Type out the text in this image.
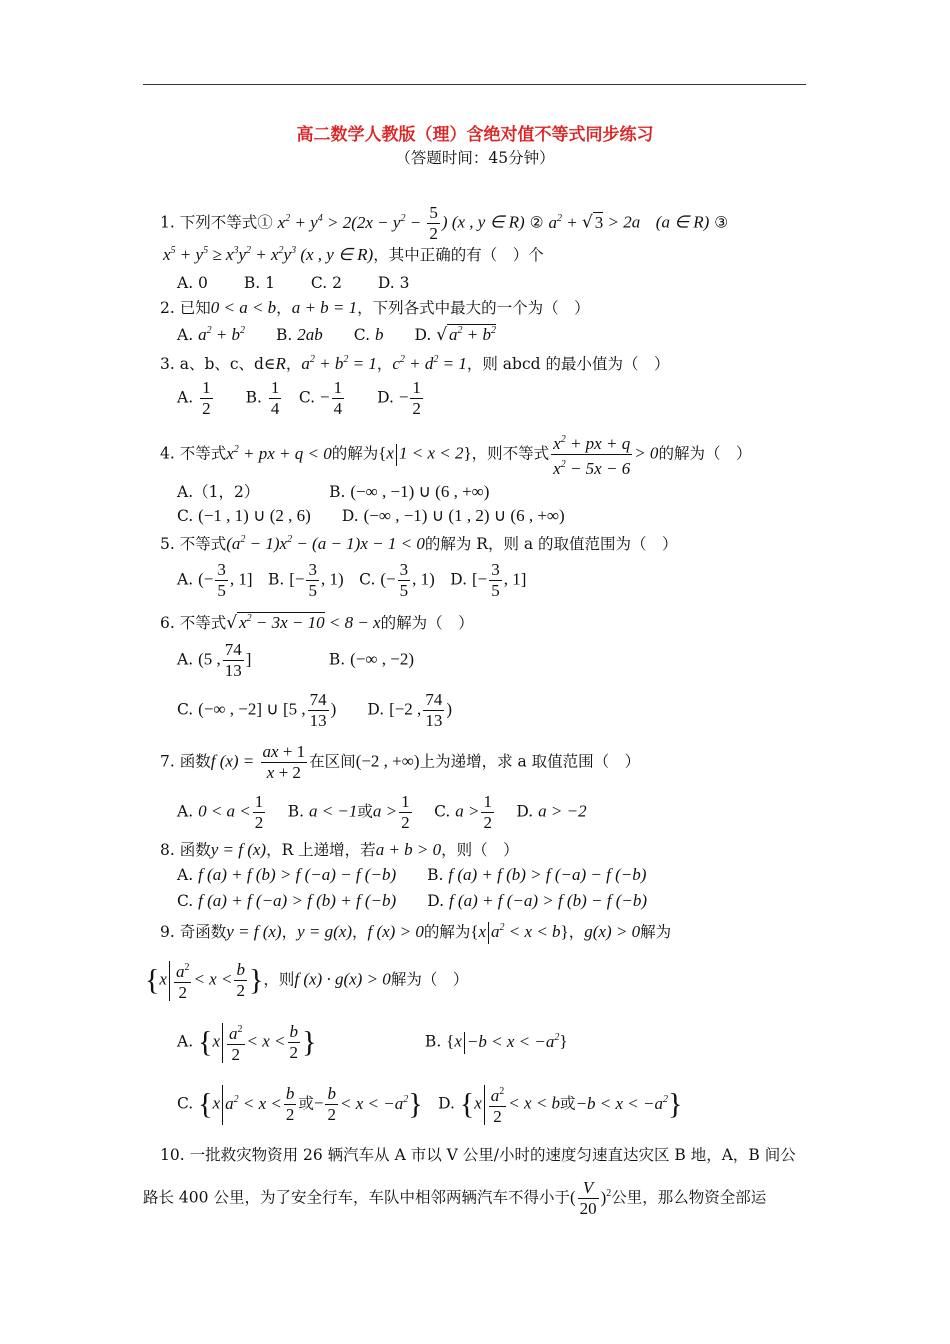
高二数学人教版（理）含绝对值不等式同步练习
（答题时间：45分钟）
1. 下列不等式① $x^2 + y^4 > 2(2x - y^2 - \frac{5}{2}$ ) (x , y ∈ R) ② $a^2$ + √ 3 > 2a　 (a ∈ R) ③
$x^5 + y^5 \ge x^3y^2 + x^2y^3$ (x , y ∈ R)，其中正确的有（　）个
A. 0　　 B. 1　　 C. 2　　 D. 3
2. 已知0 < a < b，a + b = 1，下列各式中最大的一个为（　）
A. $a^2 + b^2$　　B. 2ab　　C. b　　D. √ $a^2 + b^2$
3. a、b、c、d∈R，$a^2 + b^2 = 1$，$c^2 + d^2 = 1$，则 abcd 的最小值为（　）
A. $\frac{1}{2}$ 　　B. $\frac{1}{4}$ 　C. − $\frac{1}{4}$ 　　D. − $\frac{1}{2}$
4. 不等式$x^2$ + px + q < 0的解为{x 1 < x < 2}，则不等式 $\frac{x^2 + px + q}{x^2 - 5x - 6} > 0$的解为（　）
A.（1，2）　　　　　B. (−∞ , −1) ∪ (6 , +∞)
C. (−1 , 1) ∪ (2 , 6)　　D. (−∞ , −1) ∪ (1 , 2) ∪ (6 , +∞)
5. 不等式$(a^2 - 1)x^2 - (a - 1)x - 1 < 0$的解为 R，则 a 的取值范围为（　）
A. (− $\frac{3}{5}$ , 1]　B. [− $\frac{3}{5}$ , 1)　C. (− $\frac{3}{5}$ , 1)　D. [− $\frac{3}{5}$ , 1]
6. 不等式√ $x^2 - 3x - 10 < 8 - x$的解为（　）
A. (5 , $\frac{74}{13}$ ]　　　　　B. (−∞ , −2)
C. (−∞ , −2] ∪ [5 , $\frac{74}{13}$ )　　D. [−2 , $\frac{74}{13}$ )
7. 函数f $(x) = \frac{ax + 1}{x + 2}$ 在区间(−2 , +∞)上为递增，求 a 取值范围（　）
A. $0 < a < \frac{1}{2}$ 　 B. a < −1或$a > \frac{1}{2}$ 　 C. $a > \frac{1}{2}$ 　 D. a > −2
8. 函数y = f (x)，R 上递增，若a + b > 0，则（　）
A. f (a) + f (b) > f (−a) − f (−b)　　B. f (a) + f (b) > f (−a) − f (−b)
C. f (a) + f (−a) > f (b) + f (−b)　　D. f (a) + f (−a) > f (b) − f (−b)
9. 奇函数y = f (x)，y = g(x)，f (x) > 0的解为{x $a^2 < x < b$}，g(x) > 0解为
{$x \frac{a^2}{2} < x < \frac{b}{2}$ }，则f (x) · g(x) > 0解为（　）
A. {$x \frac{a^2}{2} < x < \frac{b}{2}$ }　　　　　　　B. $\{x -b < x < -a^2\}$
C. {x $a^2 < x < \frac{b}{2}$ 或− $\frac{b}{2} < x < -a^2$}　D. {$x \frac{a^2}{2} < x < b$或$-b < x < -a^2$}
10. 一批救灾物资用 26 辆汽车从 A 市以 V 公里/小时的速度匀速直达灾区 B 地，A，B 间公
路长 400 公里，为了安全行车，车队中相邻两辆汽车不得小于( $\frac{V}{20} )^2$公里，那么物资全部运
